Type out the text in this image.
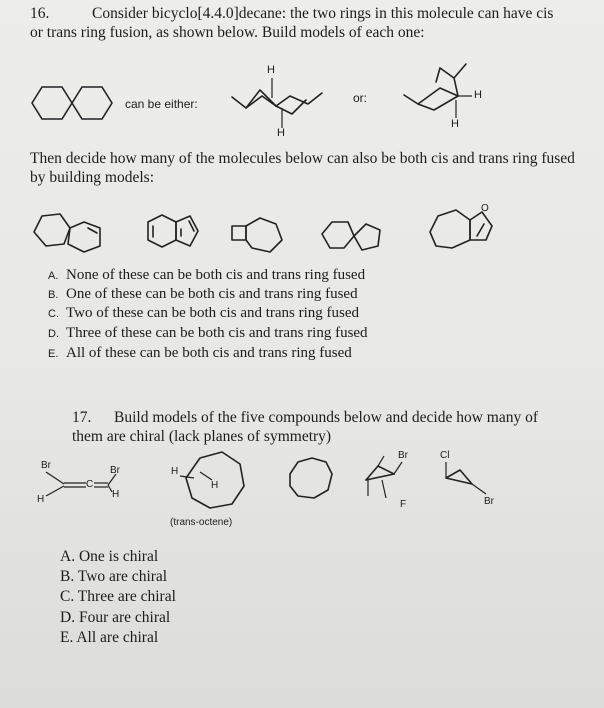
16.	Consider bicyclo[4.4.0]decane: the two rings in this molecule can have cis or trans ring fusion, as shown below. Build models of each one:
can be either:
H
H
or:	H
H
Then decide how many of the molecules below can also be both cis and trans ring fused by building models:
O
A. None of these can be both cis and trans ring fused
B. One of these can be both cis and trans ring fused
C. Two of these can be both cis and trans ring fused
D. Three of these can be both cis and trans ring fused
E. All of these can be both cis and trans ring fused
17.	Build models of the five compounds below and decide how many of them are chiral (lack planes of symmetry)
Br
H
C
Br
H
H
H
(trans-octene)
Br
F
Cl
Br
A. One is chiral
B. Two are chiral
C. Three are chiral
D. Four are chiral
E. All are chiral
